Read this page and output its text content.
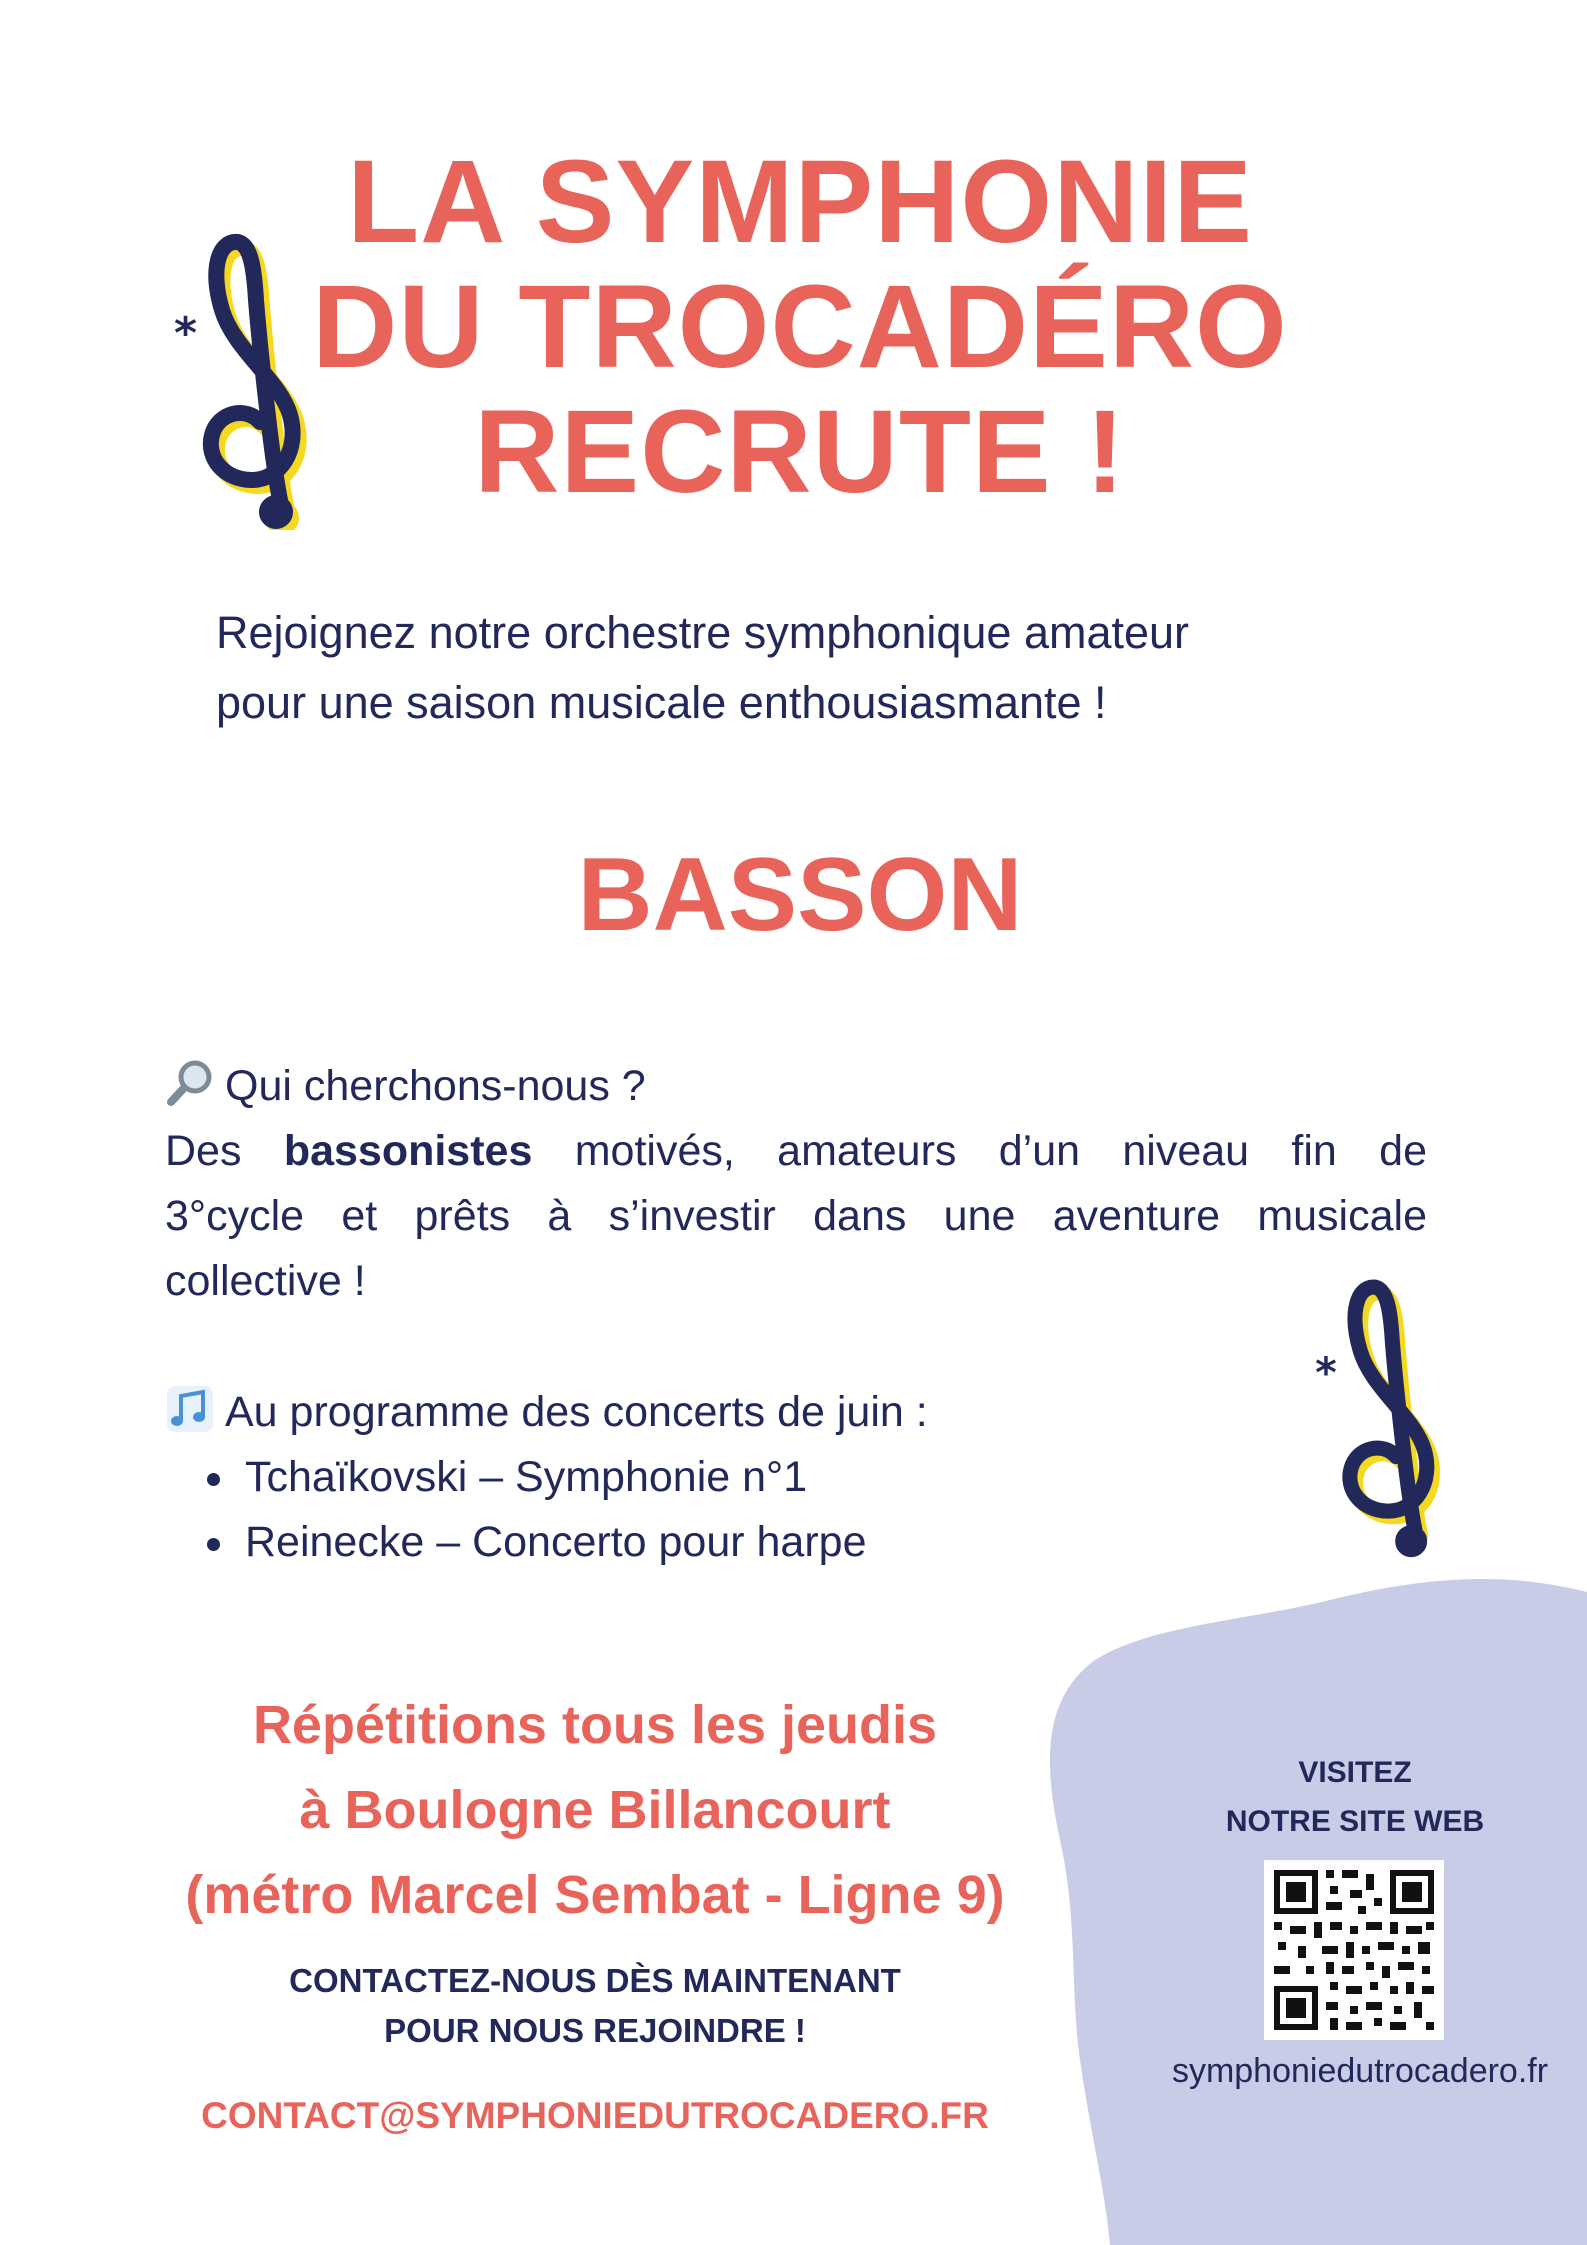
*
*
LA SYMPHONIE
DU TROCADÉRO
RECRUTE !
Rejoignez notre orchestre symphonique amateur
pour une saison musicale enthousiasmante !
BASSON
Qui cherchons-nous ?
Des bassonistes motivés, amateurs d’un niveau fin de
3°cycle et prêts à s’investir dans une aventure musicale
collective !
Au programme des concerts de juin :
Tchaïkovski – Symphonie n°1
Reinecke – Concerto pour harpe
Répétitions tous les jeudis
à Boulogne Billancourt
(métro Marcel Sembat - Ligne 9)
CONTACTEZ-NOUS DÈS MAINTENANT
POUR NOUS REJOINDRE !
CONTACT@SYMPHONIEDUTROCADERO.FR
VISITEZ
NOTRE SITE WEB
symphoniedutrocadero.fr
